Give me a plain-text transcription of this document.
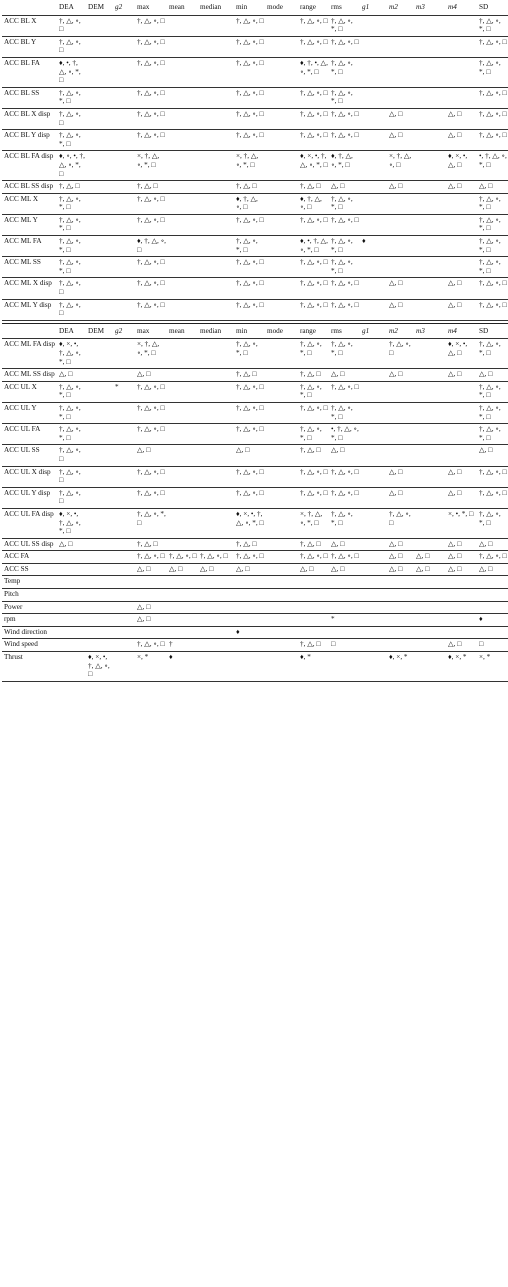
	DEA	DEM	g2	max	mean	median	min	mode	range	rms	g1	m2	m3	m4	SD
ACC BL X	†, △, ∘, □			†, △, ∘, □			†, △, ∘, □		†, △, ∘, □	†, △, ∘, *, □					†, △, ∘, *, □
ACC BL Y	†, △, ∘, □			†, △, ∘, □			†, △, ∘, □		†, △, ∘, □	†, △, ∘, □					†, △, ∘, □
ACC BL FA	♦, •, †, △, ∘, *, □			†, △, ∘, □			†, △, ∘, □		♦, †, •, △, ∘, *, □	†, △, ∘, *, □					†, △, ∘, *, □
ACC BL SS	†, △, ∘, *, □			†, △, ∘, □			†, △, ∘, □		†, △, ∘, □	†, △, ∘, *, □					†, △, ∘, □
ACC BL X disp	†, △, ∘, □			†, △, ∘, □			†, △, ∘, □		†, △, ∘, □	†, △, ∘, □		△, □		△, □	†, △, ∘, □
ACC BL Y disp	†, △, ∘, *, □			†, △, ∘, □			†, △, ∘, □		†, △, ∘, □	†, △, ∘, □		△, □		△, □	†, △, ∘, □
ACC BL FA disp	♦, ∘, •, †, △, ∘, *, □			×, †, △, ∘, *, □			×, †, △, ∘, *, □		♦, ×, •, †, △, ∘, *, □	♦, †, △, ∘, *, □		×, †, △, ∘, □		♦, ×, •, △, □	•, †, △, ∘, *, □
ACC BL SS disp	†, △, □			†, △, □			†, △, □		†, △, □	△, □		△, □		△, □	△, □
ACC ML X	†, △, ∘, *, □			†, △, ∘, □			♦, †, △, ∘, □		♦, †, △, ∘, □	†, △, ∘, *, □					†, △, ∘, *, □
ACC ML Y	†, △, ∘, *, □			†, △, ∘, □			†, △, ∘, □		†, △, ∘, □	†, △, ∘, □					†, △, ∘, *, □
ACC ML FA	†, △, ∘, *, □			♦, †, △, ∘, □			†, △, ∘, *, □		♦, •, †, △, ∘, *, □	†, △, ∘, *, □	♦				†, △, ∘, *, □
ACC ML SS	†, △, ∘, *, □			†, △, ∘, □			†, △, ∘, □		†, △, ∘, □	†, △, ∘, *, □					†, △, ∘, *, □
ACC ML X disp	†, △, ∘, □			†, △, ∘, □			†, △, ∘, □		†, △, ∘, □	†, △, ∘, □		△, □		△, □	†, △, ∘, □
ACC ML Y disp	†, △, ∘, □			†, △, ∘, □			†, △, ∘, □		†, △, ∘, □	†, △, ∘, □		△, □		△, □	†, △, ∘, □

	DEA	DEM	g2	max	mean	median	min	mode	range	rms	g1	m2	m3	m4	SD
ACC ML FA disp	♦, ×, •, †, △, ∘, *, □			×, †, △, ∘, *, □			†, △, ∘, *, □		†, △, ∘, *, □	†, △, ∘, *, □		†, △, ∘, □		♦, ×, •, △, □	†, △, ∘, *, □
ACC ML SS disp	△, □			△, □			†, △, □		†, △, □	△, □		△, □		△, □	△, □
ACC UL X	†, △, ∘, *, □		*	†, △, ∘, □			†, △, ∘, □		†, △, ∘, *, □	†, △, ∘, □					†, △, ∘, *, □
ACC UL Y	†, △, ∘, *, □			†, △, ∘, □			†, △, ∘, □		†, △, ∘, □	†, △, ∘, *, □					†, △, ∘, *, □
ACC UL FA	†, △, ∘, *, □			†, △, ∘, □			†, △, ∘, □		†, △, ∘, *, □	•, †, △, ∘, *, □					†, △, ∘, *, □
ACC UL SS	†, △, ∘, □			△, □			△, □		†, △, □	△, □					△, □
ACC UL X disp	†, △, ∘, □			†, △, ∘, □			†, △, ∘, □		†, △, ∘, □	†, △, ∘, □		△, □		△, □	†, △, ∘, □
ACC UL Y disp	†, △, ∘, □			†, △, ∘, □			†, △, ∘, □		†, △, ∘, □	†, △, ∘, □		△, □		△, □	†, △, ∘, □
ACC UL FA disp	♦, ×, •, †, △, ∘, *, □			†, △, ∘, *, □			♦, ×, •, †, △, ∘, *, □		×, †, △, ∘, *, □	†, △, ∘, *, □		†, △, ∘, □		×, •, *, □	†, △, ∘, *, □
ACC UL SS disp	△, □			†, △, □			†, △, □		†, △, □	△, □		△, □		△, □	△, □
ACC FA				†, △, ∘, □	†, △, ∘, □	†, △, ∘, □	†, △, ∘, □		†, △, ∘, □	†, △, ∘, □		△, □	△, □	△, □	†, △, ∘, □
ACC SS				△, □	△, □	△, □	△, □		△, □	△, □		△, □	△, □	△, □	△, □
Temp															
Pitch															
Power				△, □											
rpm				△, □						*					♦
Wind direction							♦								
Wind speed				†, △, ∘, □	†				†, △, □	□				△, □	□
Thrust		♦, ×, •, †, △, ∘, □		×, *	♦				♦, *			♦, ×, *		♦, ×, *	×, *
